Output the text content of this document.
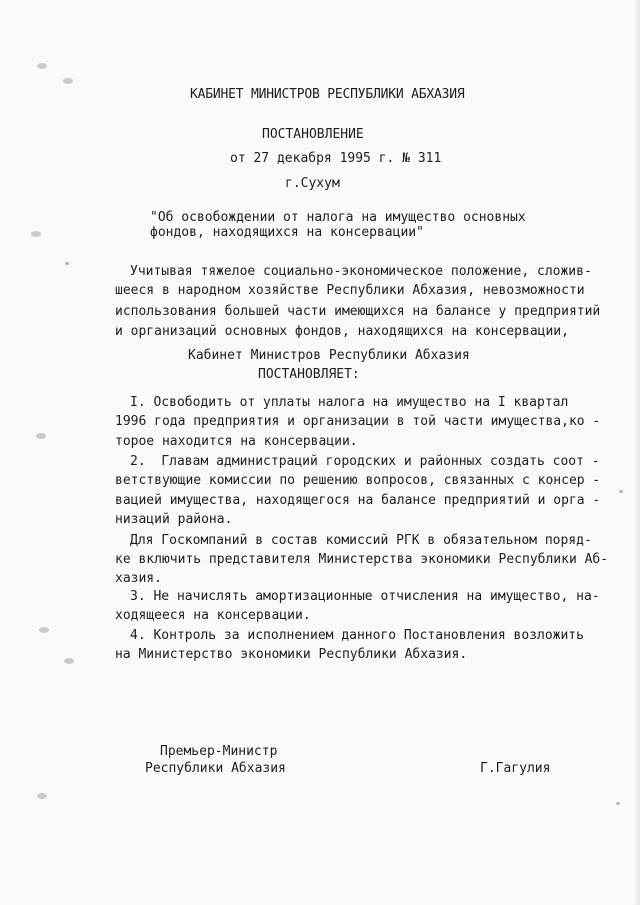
КАБИНЕТ МИНИСТРОВ РЕСПУБЛИКИ АБХАЗИЯ
ПОСТАНОВЛЕНИЕ
от 27 декабря 1995 г. № 311
г.Сухум
"Об освобождении от налога на имущество основных
фондов, находящихся на консервации"
Учитывая тяжелое социально-экономическое положение, сложив-
шееся в народном хозяйстве Республики Абхазия, невозможности
использования большей части имеющихся на балансе у предприятий
и организаций основных фондов, находящихся на консервации,
Кабинет Министров Республики Абхазия
ПОСТАНОВЛЯЕТ:
I. Освободить от уплаты налога на имущество на I квартал
1996 года предприятия и организации в той части имущества,ко -
торое находится на консервации.
2.  Главам администраций городских и районных создать соот -
ветствующие комиссии по решению вопросов, связанных с консер -
вацией имущества, находящегося на балансе предприятий и орга -
низаций района.
Для Госкомпаний в состав комиссий РГК в обязательном поряд-
ке включить представителя Министерства экономики Республики Аб-
хазия.
3. Не начислять амортизационные отчисления на имущество, на-
ходящееся на консервации.
4. Контроль за исполнением данного Постановления возложить
на Министерство экономики Республики Абхазия.
Премьер-Министр
Республики Абхазия	Г.Гагулия
